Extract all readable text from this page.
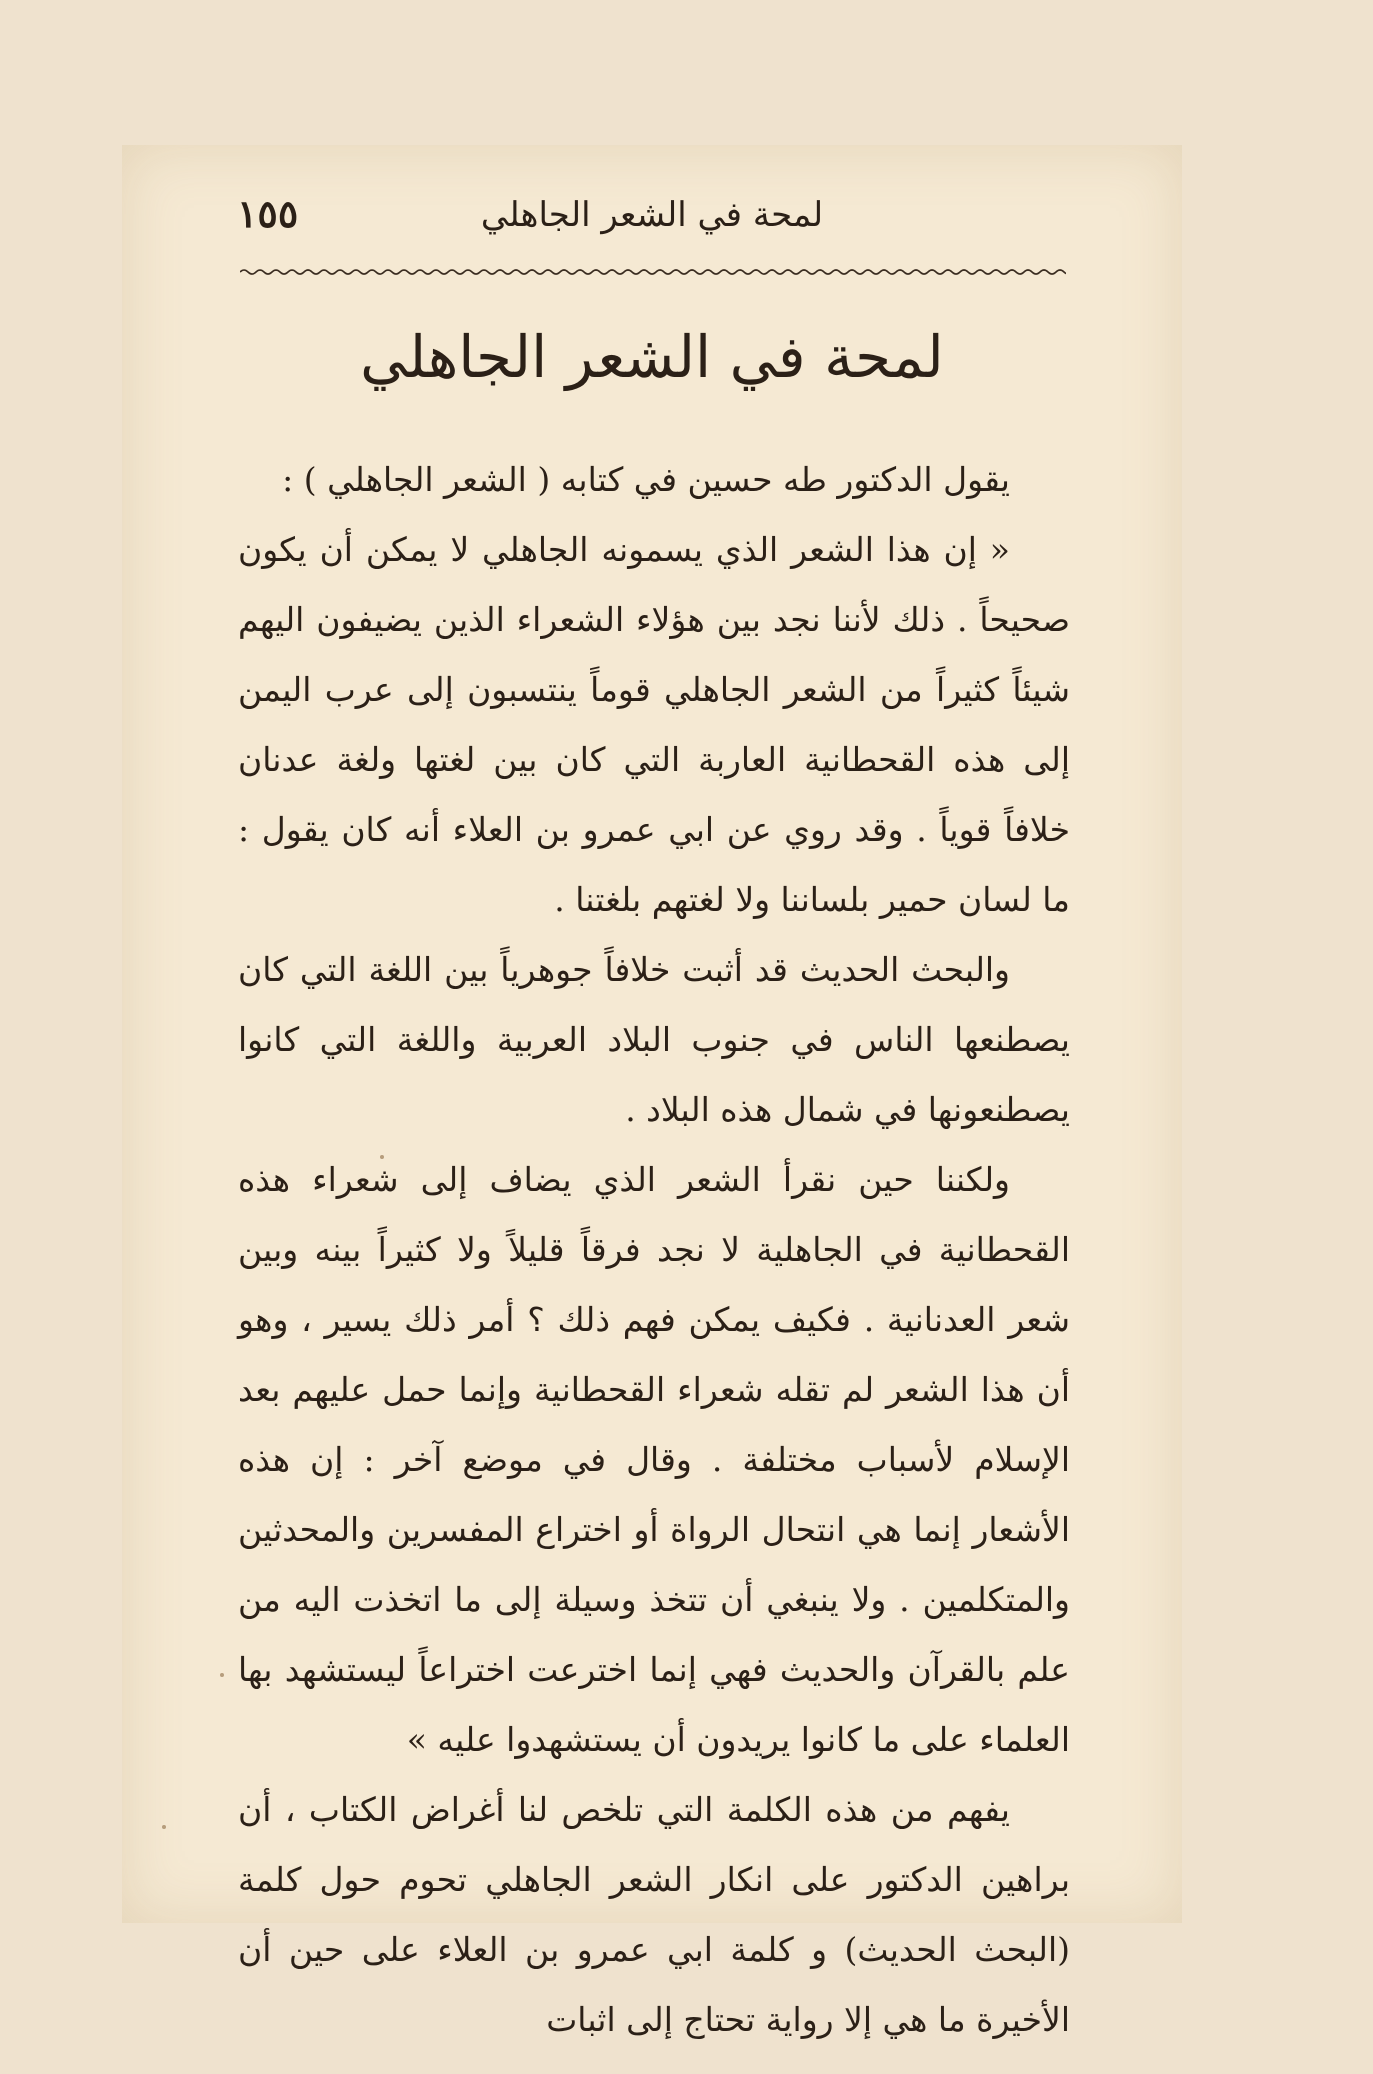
لمحة في الشعر الجاهلي
١٥٥
لمحة في الشعر الجاهلي

يقول الدكتور طه حسين في كتابه ( الشعر الجاهلي ) :

« إن هذا الشعر الذي يسمونه الجاهلي لا يمكن أن يكون صحيحاً . ذلك لأننا نجد بين هؤلاء الشعراء الذين يضيفون اليهم شيئاً كثيراً من الشعر الجاهلي قوماً ينتسبون إلى عرب اليمن إلى هذه القحطانية العاربة التي كان بين لغتها ولغة عدنان خلافاً قوياً . وقد روي عن ابي عمرو بن العلاء أنه كان يقول : ما لسان حمير بلساننا ولا لغتهم بلغتنا .

والبحث الحديث قد أثبت خلافاً جوهرياً بين اللغة التي كان يصطنعها الناس في جنوب البلاد العربية واللغة التي كانوا يصطنعونها في شمال هذه البلاد .

ولكننا حين نقرأ الشعر الذي يضاف إلى شعراء هذه القحطانية في الجاهلية لا نجد فرقاً قليلاً ولا كثيراً بينه وبين شعر العدنانية . فكيف يمكن فهم ذلك ؟ أمر ذلك يسير ، وهو أن هذا الشعر لم تقله شعراء القحطانية وإنما حمل عليهم بعد الإسلام لأسباب مختلفة . وقال في موضع آخر : إن هذه الأشعار إنما هي انتحال الرواة أو اختراع المفسرين والمحدثين والمتكلمين . ولا ينبغي أن تتخذ وسيلة إلى ما اتخذت اليه من علم بالقرآن والحديث فهي إنما اخترعت اختراعاً ليستشهد بها العلماء على ما كانوا يريدون أن يستشهدوا عليه »

يفهم من هذه الكلمة التي تلخص لنا أغراض الكتاب ، أن براهين الدكتور على انكار الشعر الجاهلي تحوم حول كلمة (البحث الحديث) و كلمة ابي عمرو بن العلاء على حين أن الأخيرة ما هي إلا رواية تحتاج إلى اثبات
